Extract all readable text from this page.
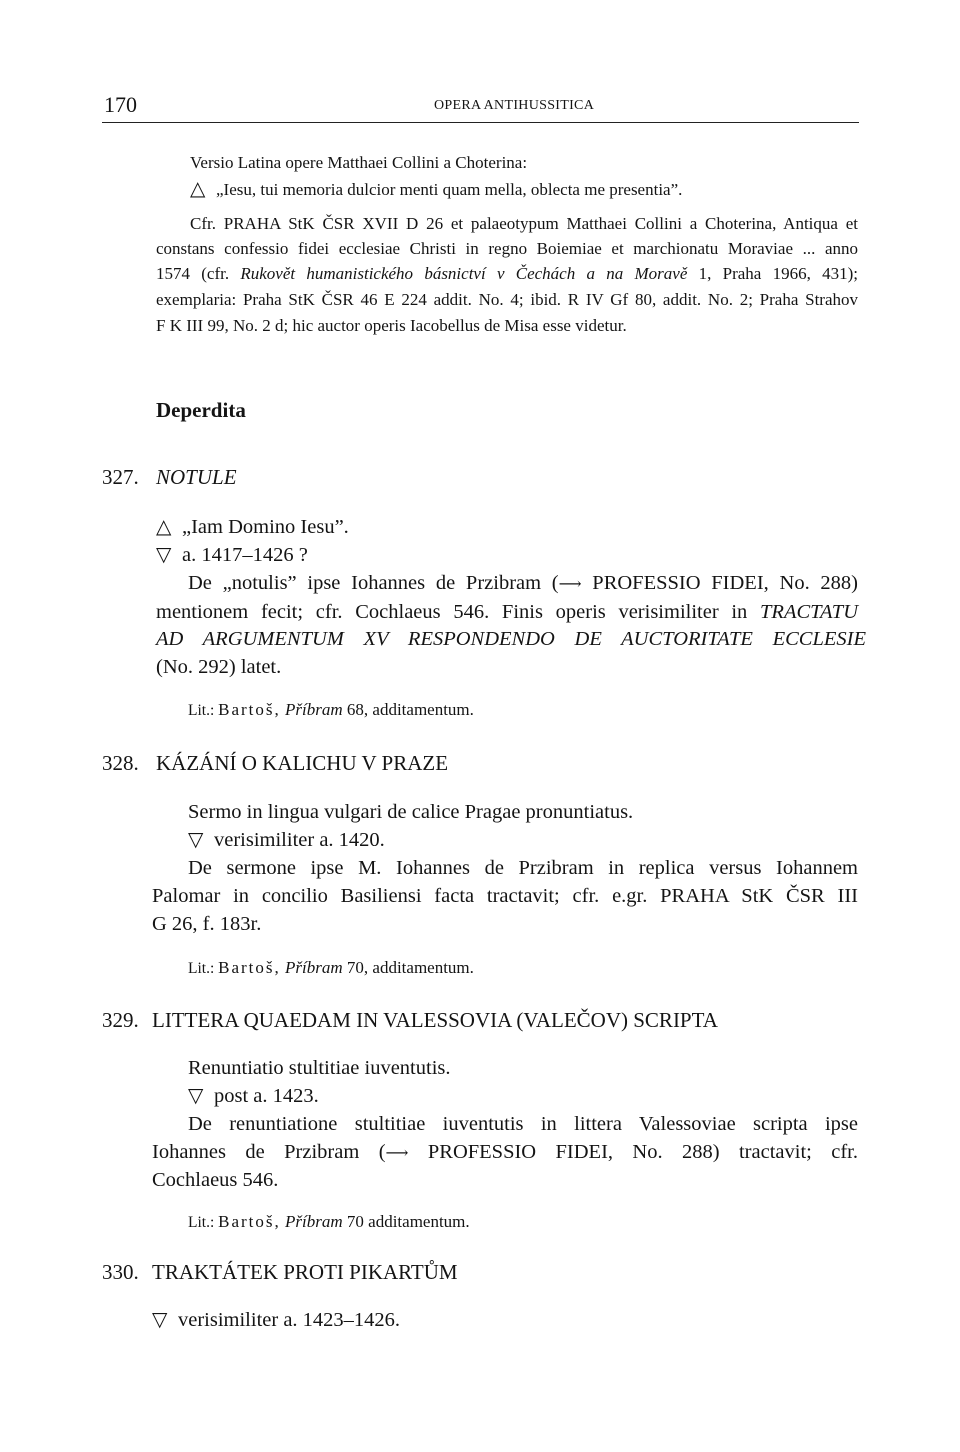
170	OPERA ANTIHUSSITICA
Versio Latina opere Matthaei Collini a Choterina:
△ „Iesu, tui memoria dulcior menti quam mella, oblecta me presentia”.
Cfr. PRAHA StK ČSR XVII D 26 et palaeotypum Matthaei Collini a Choterina, Antiqua et
constans confessio fidei ecclesiae Christi in regno Boiemiae et marchionatu Moraviae ... anno
1574 (cfr. Rukovět humanistického básnictví v Čechách a na Moravě 1, Praha 1966, 431);
exemplaria: Praha StK ČSR 46 E 224 addit. No. 4; ibid. R IV Gf 80, addit. No. 2; Praha Strahov
F K III 99, No. 2 d; hic auctor operis Iacobellus de Misa esse videtur.
Deperdita
327. NOTULE
△ „Iam Domino Iesu”.
▽ a. 1417–1426 ?
De „notulis” ipse Iohannes de Przibram (⟶ PROFESSIO FIDEI, No. 288)
mentionem fecit; cfr. Cochlaeus 546. Finis operis verisimiliter in TRACTATU
AD ARGUMENTUM XV RESPONDENDO DE AUCTORITATE ECCLESIE
(No. 292) latet.
Lit.: Bartoš, Příbram 68, additamentum.
328. KÁZÁNÍ O KALICHU V PRAZE
Sermo in lingua vulgari de calice Pragae pronuntiatus.
▽ verisimiliter a. 1420.
De sermone ipse M. Iohannes de Przibram in replica versus Iohannem
Palomar in concilio Basiliensi facta tractavit; cfr. e.gr. PRAHA StK ČSR III
G 26, f. 183r.
Lit.: Bartoš, Příbram 70, additamentum.
329. LITTERA QUAEDAM IN VALESSOVIA (VALEČOV) SCRIPTA
Renuntiatio stultitiae iuventutis.
▽ post a. 1423.
De renuntiatione stultitiae iuventutis in littera Valessoviae scripta ipse
Iohannes de Przibram (⟶ PROFESSIO FIDEI, No. 288) tractavit; cfr.
Cochlaeus 546.
Lit.: Bartoš, Příbram 70 additamentum.
330. TRAKTÁTEK PROTI PIKARTŮM
▽ verisimiliter a. 1423–1426.
